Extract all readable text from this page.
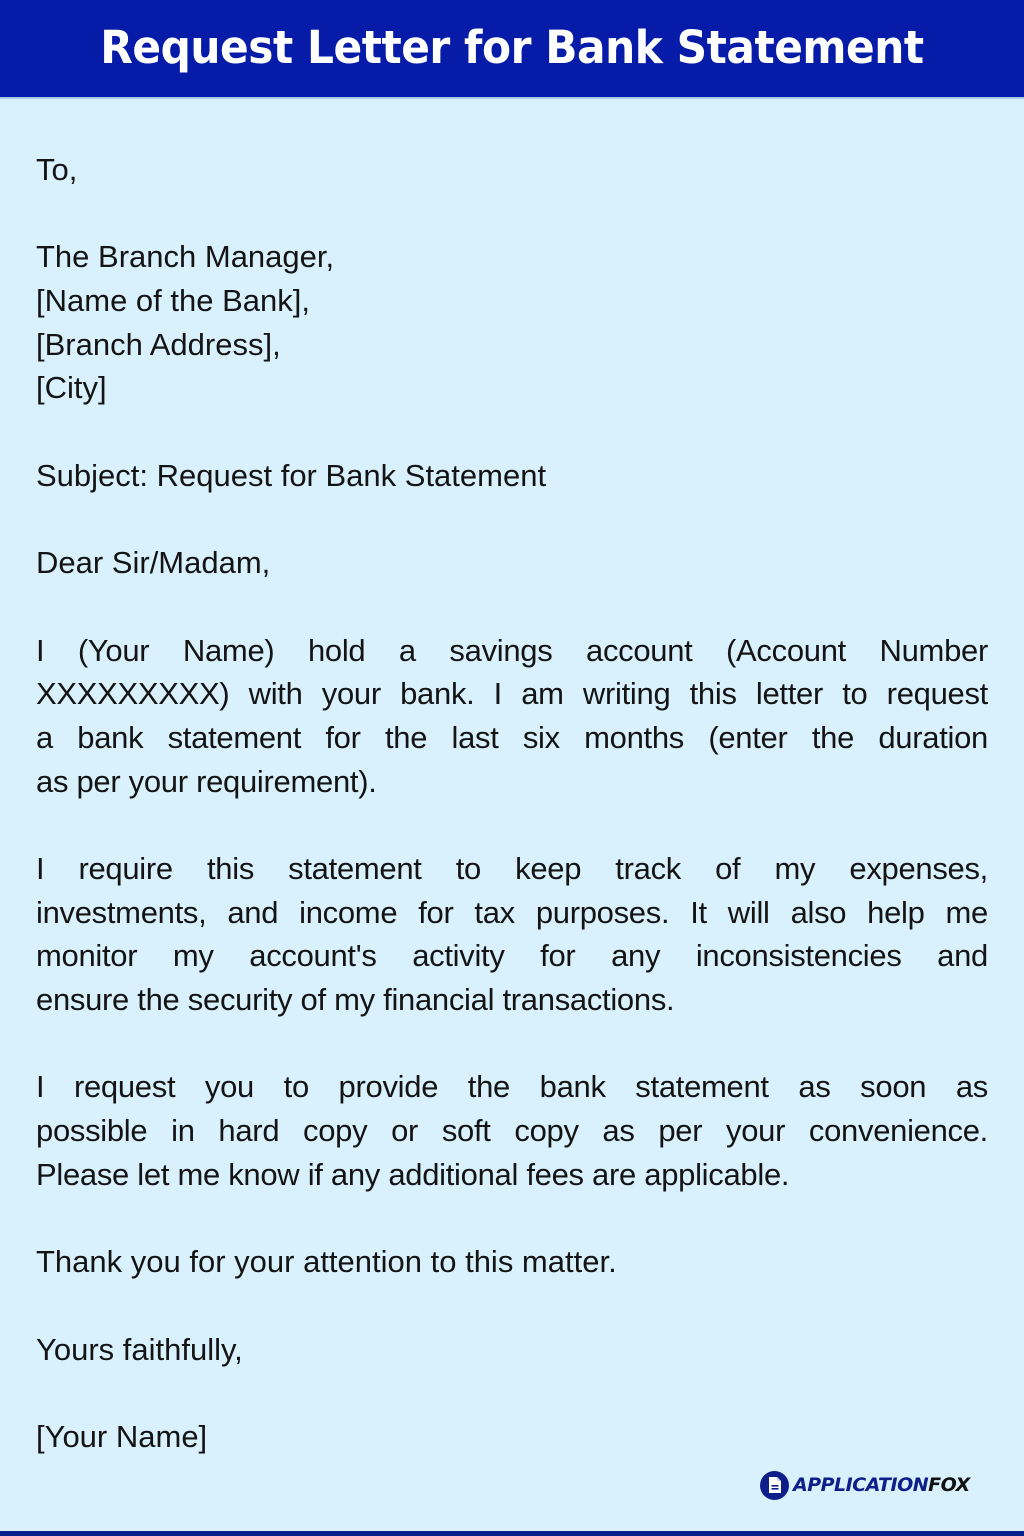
Request Letter for Bank Statement
To,
The Branch Manager,
[Name of the Bank],
[Branch Address],
[City]
Subject: Request for Bank Statement
Dear Sir/Madam,
I (Your Name) hold a savings account (Account Number
XXXXXXXXX) with your bank. I am writing this letter to request
a bank statement for the last six months (enter the duration
as per your requirement).
I require this statement to keep track of my expenses,
investments, and income for tax purposes. It will also help me
monitor my account's activity for any inconsistencies and
ensure the security of my financial transactions.
I request you to provide the bank statement as soon as
possible in hard copy or soft copy as per your convenience.
Please let me know if any additional fees are applicable.
Thank you for your attention to this matter.
Yours faithfully,
[Your Name]
APPLICATIONFOX
